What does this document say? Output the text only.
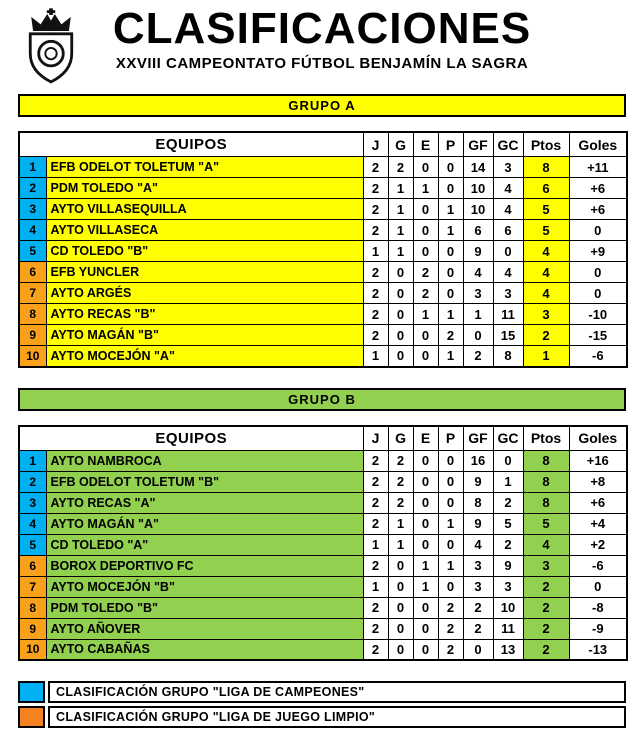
CLASIFICACIONES
XXVIII CAMPEONTATO FÚTBOL BENJAMÍN LA SAGRA
GRUPO A
EQUIPOS		J	G	E	P	GF	GC	Ptos	Goles
1	EFB ODELOT TOLETUM "A"	2	2	0	0	14	3	8	+11
2	PDM TOLEDO "A"	2	1	1	0	10	4	6	+6
3	AYTO VILLASEQUILLA	2	1	0	1	10	4	5	+6
4	AYTO VILLASECA	2	1	0	1	6	6	5	0
5	CD TOLEDO "B"	1	1	0	0	9	0	4	+9
6	EFB YUNCLER	2	0	2	0	4	4	4	0
7	AYTO ARGÉS	2	0	2	0	3	3	4	0
8	AYTO RECAS "B"	2	0	1	1	1	11	3	-10
9	AYTO MAGÁN "B"	2	0	0	2	0	15	2	-15
10	AYTO MOCEJÓN "A"	1	0	0	1	2	8	1	-6
GRUPO B
EQUIPOS		J	G	E	P	GF	GC	Ptos	Goles
1	AYTO NAMBROCA	2	2	0	0	16	0	8	+16
2	EFB ODELOT TOLETUM "B"	2	2	0	0	9	1	8	+8
3	AYTO RECAS "A"	2	2	0	0	8	2	8	+6
4	AYTO MAGÁN "A"	2	1	0	1	9	5	5	+4
5	CD TOLEDO "A"	1	1	0	0	4	2	4	+2
6	BOROX DEPORTIVO FC	2	0	1	1	3	9	3	-6
7	AYTO MOCEJÓN "B"	1	0	1	0	3	3	2	0
8	PDM TOLEDO "B"	2	0	0	2	2	10	2	-8
9	AYTO AÑOVER	2	0	0	2	2	11	2	-9
10	AYTO CABAÑAS	2	0	0	2	0	13	2	-13
CLASIFICACIÓN GRUPO "LIGA DE CAMPEONES"
CLASIFICACIÓN GRUPO "LIGA DE JUEGO LIMPIO"
